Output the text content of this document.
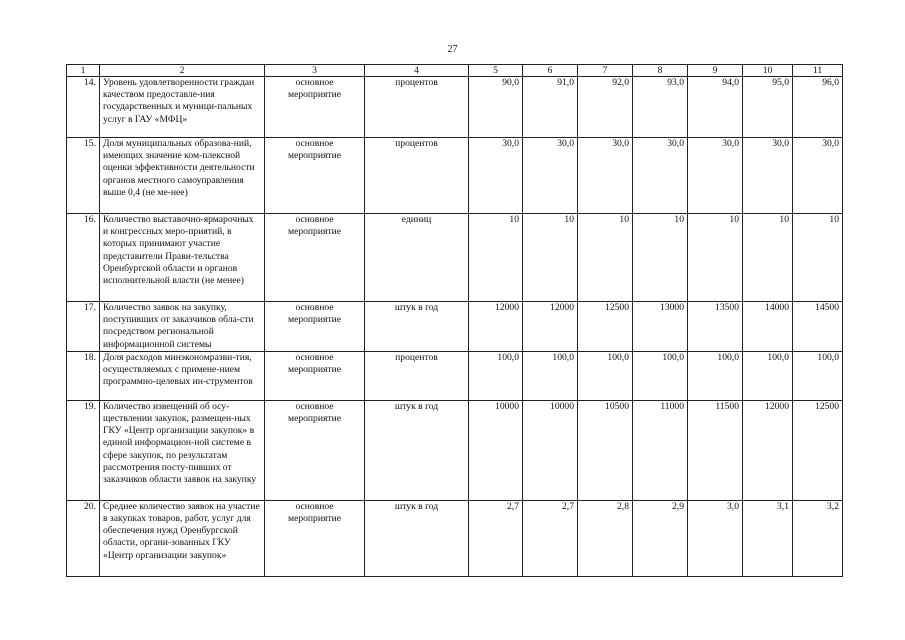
27
1	2	3	4	5	6	7	8	9	10	11
14.	Уровень удовлетворенности граждан качеством предоставле-ния государственных и муници-пальных услуг в ГАУ «МФЦ»	основное мероприятие	процентов	90,0	91,0	92,0	93,0	94,0	95,0	96,0
15.	Доля муниципальных образова-ний, имеющих значение ком-плексной оценки эффективности деятельности органов местного самоуправления выше 0,4 (не ме-нее)	основное мероприятие	процентов	30,0	30,0	30,0	30,0	30,0	30,0	30,0
16.	Количество выставочно-ярмарочных и конгрессных меро-приятий, в которых принимают участие представители Прави-тельства Оренбургской области и органов исполнительной власти (не менее)	основное мероприятие	единиц	10	10	10	10	10	10	10
17.	Количество заявок на закупку, поступивших от заказчиков обла-сти посредством региональной информационной системы	основное мероприятие	штук в год	12000	12000	12500	13000	13500	14000	14500
18.	Доля расходов минэкономразви-тия, осуществляемых с примене-нием программно-целевых ин-струментов	основное мероприятие	процентов	100,0	100,0	100,0	100,0	100,0	100,0	100,0
19.	Количество извещений об осу-ществлении закупок, размещен-ных ГКУ «Центр организации закупок» в единой информацион-ной системе в сфере закупок, по результатам рассмотрения посту-пивших от заказчиков области заявок на закупку	основное мероприятие	штук в год	10000	10000	10500	11000	11500	12000	12500
20.	Среднее количество заявок на участие в закупках товаров, работ, услуг для обеспечения нужд Оренбургской области, органи-зованных ГКУ «Центр организации закупок»	основное мероприятие	штук в год	2,7	2,7	2,8	2,9	3,0	3,1	3,2
